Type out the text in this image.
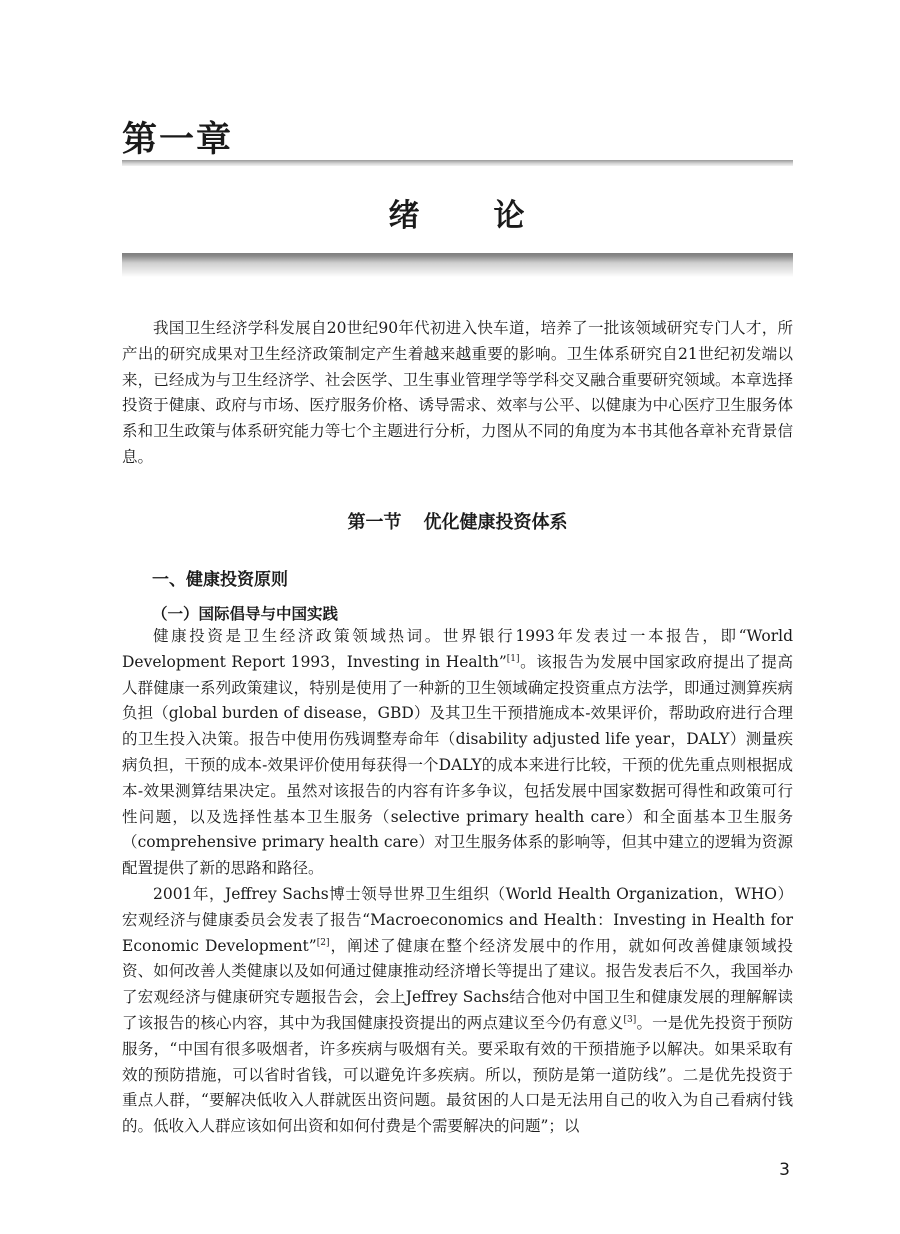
第一章
绪 论

我国卫生经济学科发展自20世纪90年代初进入快车道，培养了一批该领域研究专门人才，所产出的研究成果对卫生经济政策制定产生着越来越重要的影响。卫生体系研究自21世纪初发端以来，已经成为与卫生经济学、社会医学、卫生事业管理学等学科交叉融合重要研究领域。本章选择投资于健康、政府与市场、医疗服务价格、诱导需求、效率与公平、以健康为中心医疗卫生服务体系和卫生政策与体系研究能力等七个主题进行分析，力图从不同的角度为本书其他各章补充背景信息。

第一节 优化健康投资体系
一、健康投资原则
（一）国际倡导与中国实践

健康投资是卫生经济政策领域热词。世界银行1993年发表过一本报告，即“World Development Report 1993，Investing in Health”[1]。该报告为发展中国家政府提出了提高人群健康一系列政策建议，特别是使用了一种新的卫生领域确定投资重点方法学，即通过测算疾病负担（global burden of disease，GBD）及其卫生干预措施成本-效果评价，帮助政府进行合理的卫生投入决策。报告中使用伤残调整寿命年（disability adjusted life year，DALY）测量疾病负担，干预的成本-效果评价使用每获得一个DALY的成本来进行比较，干预的优先重点则根据成本-效果测算结果决定。虽然对该报告的内容有许多争议，包括发展中国家数据可得性和政策可行性问题，以及选择性基本卫生服务（selective primary health care）和全面基本卫生服务（comprehensive primary health care）对卫生服务体系的影响等，但其中建立的逻辑为资源配置提供了新的思路和路径。

2001年，Jeffrey Sachs博士领导世界卫生组织（World Health Organization，WHO）宏观经济与健康委员会发表了报告“Macroeconomics and Health：Investing in Health for Economic Development”[2]，阐述了健康在整个经济发展中的作用，就如何改善健康领域投资、如何改善人类健康以及如何通过健康推动经济增长等提出了建议。报告发表后不久，我国举办了宏观经济与健康研究专题报告会，会上Jeffrey Sachs结合他对中国卫生和健康发展的理解解读了该报告的核心内容，其中为我国健康投资提出的两点建议至今仍有意义[3]。一是优先投资于预防服务，“中国有很多吸烟者，许多疾病与吸烟有关。要采取有效的干预措施予以解决。如果采取有效的预防措施，可以省时省钱，可以避免许多疾病。所以，预防是第一道防线”。二是优先投资于重点人群，“要解决低收入人群就医出资问题。最贫困的人口是无法用自己的收入为自己看病付钱的。低收入人群应该如何出资和如何付费是个需要解决的问题”；以

3
